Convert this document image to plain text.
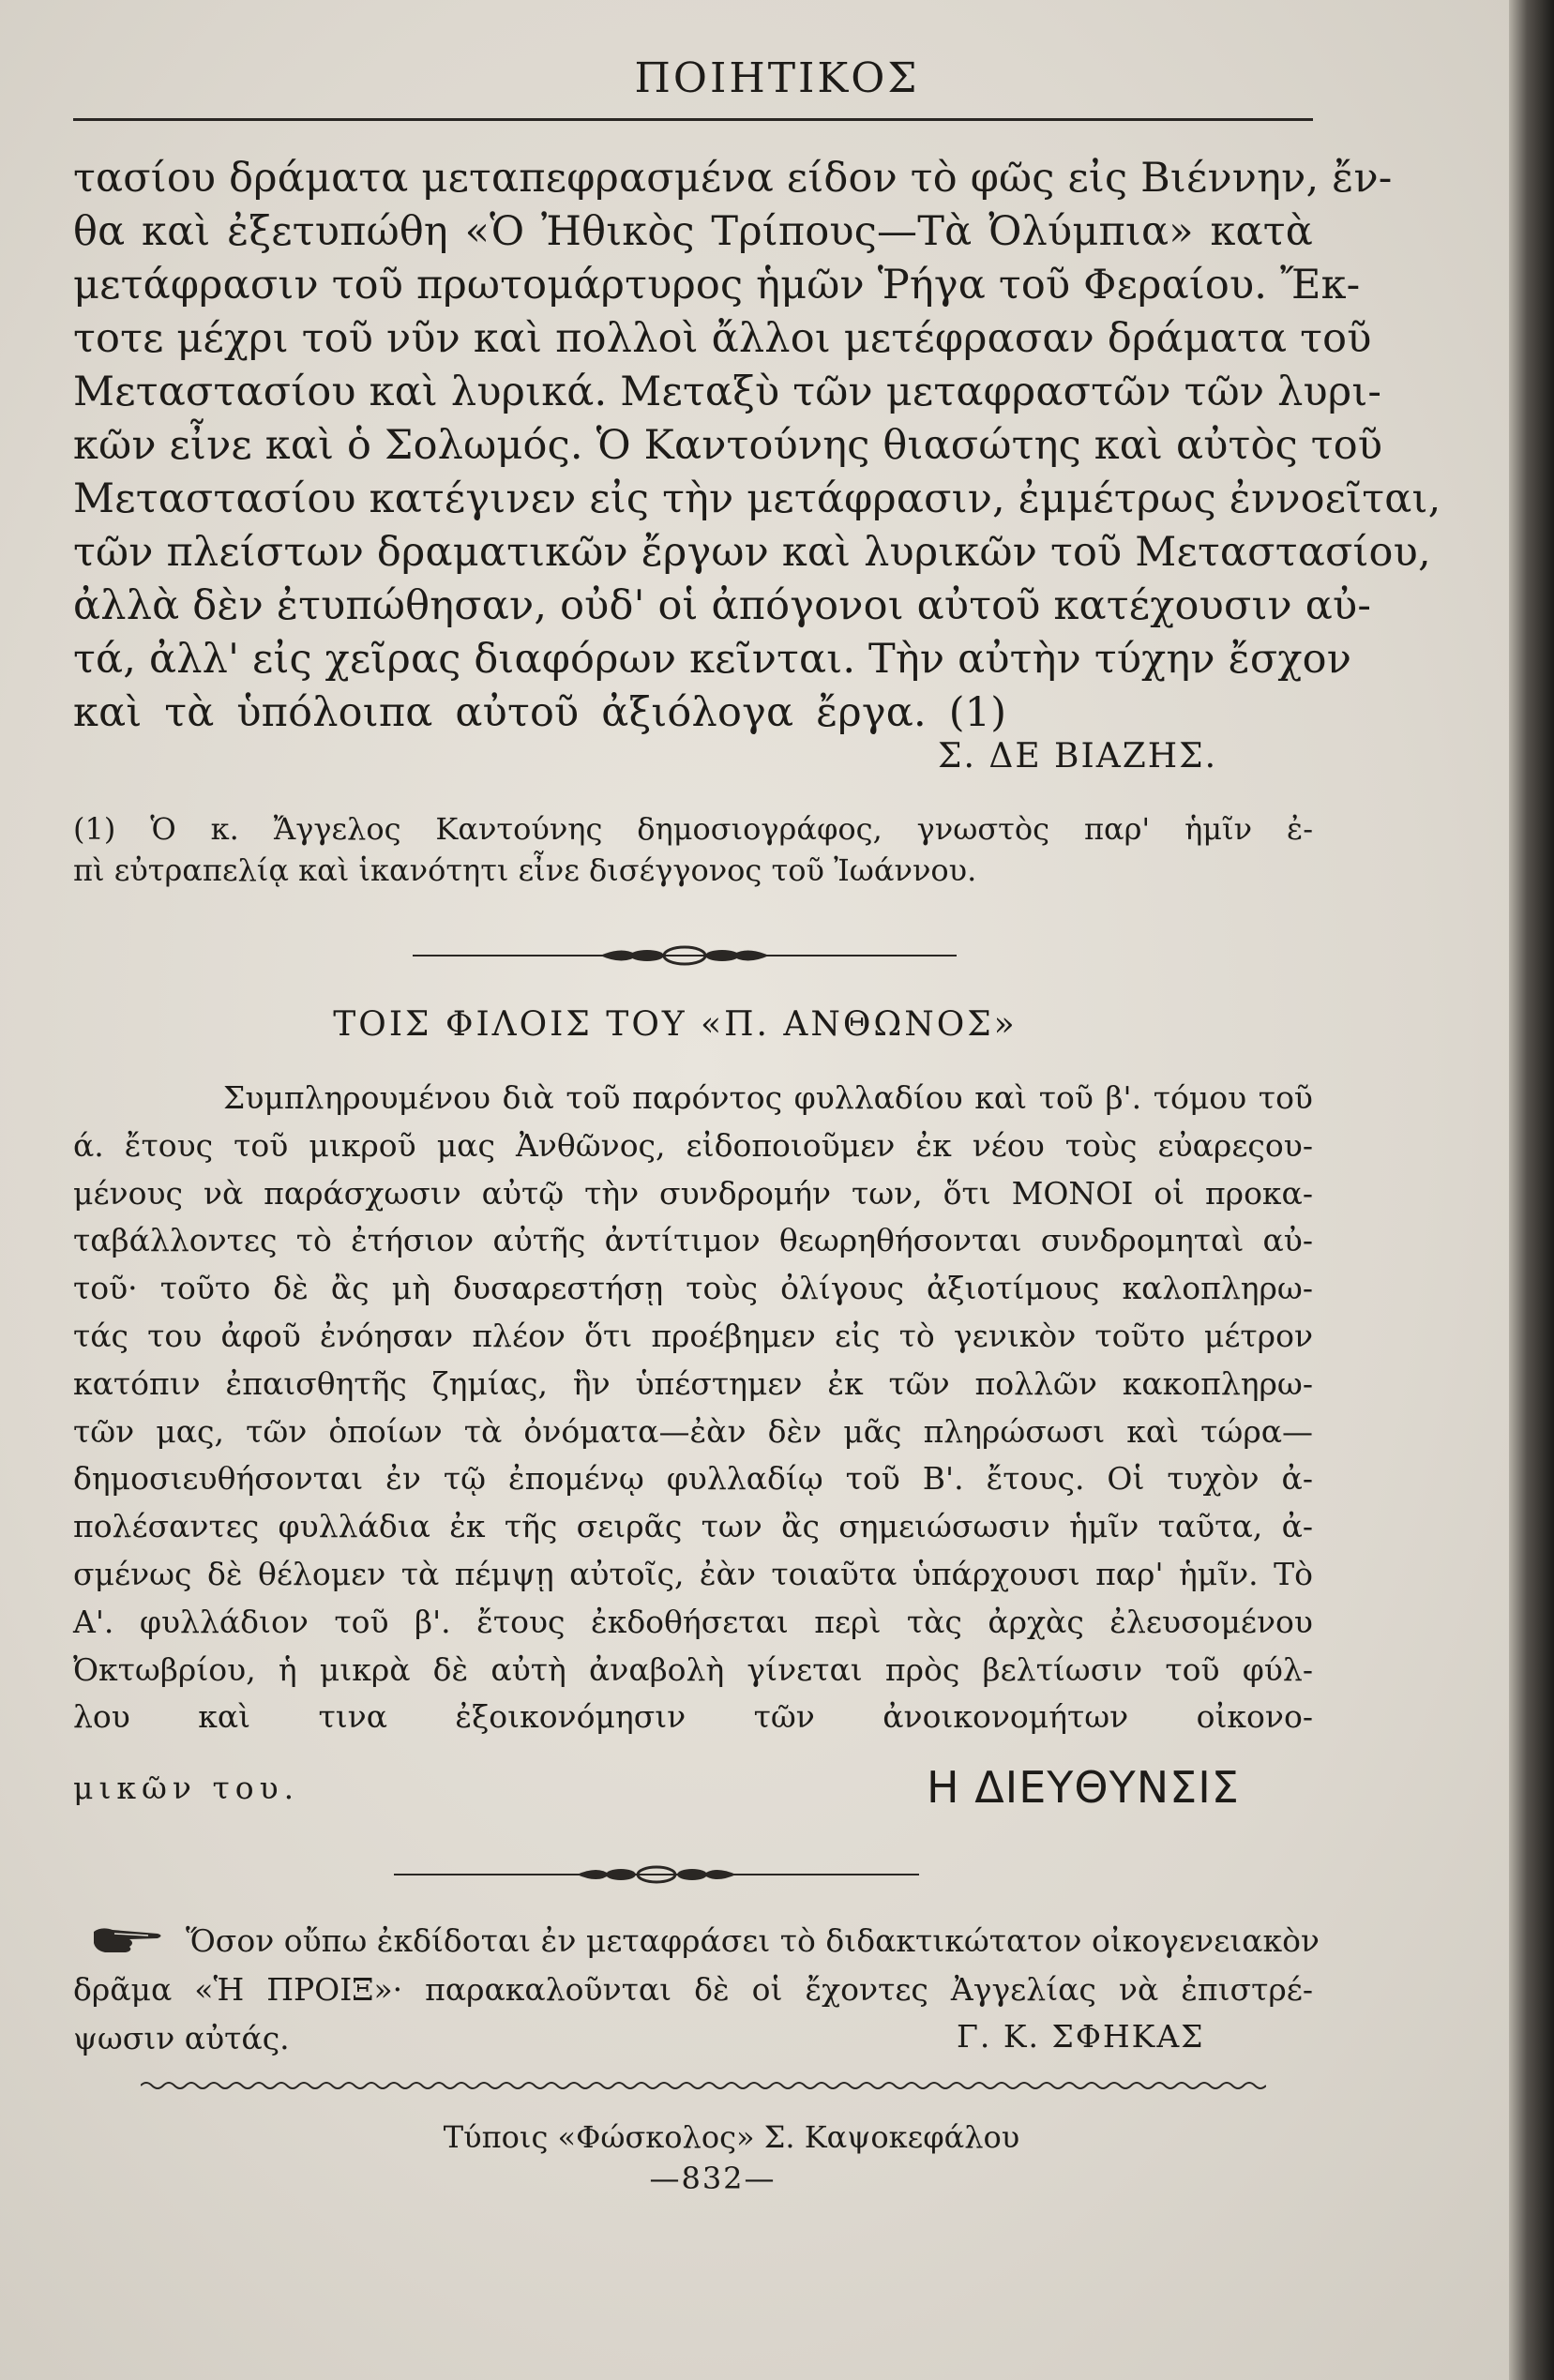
ΠΟΙΗΤΙΚΟΣ
τασίου δράματα μεταπεφρασμένα είδον τὸ φῶς εἰς Βιέννην, ἔν-
θα καὶ ἐξετυπώθη «Ὁ Ἠθικὸς Τρίπους—Τὰ Ὀλύμπια» κατὰ
μετάφρασιν τοῦ πρωτομάρτυρος ἡμῶν Ῥήγα τοῦ Φεραίου. Ἔκ-
τοτε μέχρι τοῦ νῦν καὶ πολλοὶ ἄλλοι μετέφρασαν δράματα τοῦ
Μεταστασίου καὶ λυρικά. Μεταξὺ τῶν μεταφραστῶν τῶν λυρι-
κῶν εἶνε καὶ ὁ Σολωμός. Ὁ Καντούνης θιασώτης καὶ αὐτὸς τοῦ
Μεταστασίου κατέγινεν εἰς τὴν μετάφρασιν, ἐμμέτρως ἐννοεῖται,
τῶν πλείστων δραματικῶν ἔργων καὶ λυρικῶν τοῦ Μεταστασίου,
ἀλλὰ δὲν ἐτυπώθησαν, οὐδ' οἱ ἀπόγονοι αὐτοῦ κατέχουσιν αὐ-
τά, ἀλλ' εἰς χεῖρας διαφόρων κεῖνται. Τὴν αὐτὴν τύχην ἔσχον
καὶ τὰ ὑπόλοιπα αὐτοῦ ἀξιόλογα ἔργα. (1)
Σ. ΔΕ ΒΙΑΖΗΣ.
(1) Ὁ κ. Ἄγγελος Καντούνης δημοσιογράφος, γνωστὸς παρ' ἡμῖν ἐ-
πὶ εὐτραπελίᾳ καὶ ἱκανότητι εἶνε δισέγγονος τοῦ Ἰωάννου.
ΤΟΙΣ ΦΙΛΟΙΣ ΤΟΥ «Π. ΑΝΘΩΝΟΣ»
Συμπληρουμένου διὰ τοῦ παρόντος φυλλαδίου καὶ τοῦ β'. τόμου τοῦ
ά. ἔτους τοῦ μικροῦ μας Ἀνθῶνος, εἰδοποιοῦμεν ἐκ νέου τοὺς εὐαρεςου-
μένους νὰ παράσχωσιν αὐτῷ τὴν συνδρομήν των, ὅτι ΜΟΝΟΙ οἱ προκα-
ταβάλλοντες τὸ ἐτήσιον αὐτῆς ἀντίτιμον θεωρηθήσονται συνδρομηταὶ αὐ-
τοῦ· τοῦτο δὲ ἂς μὴ δυσαρεστήσῃ τοὺς ὀλίγους ἀξιοτίμους καλοπληρω-
τάς του ἀφοῦ ἐνόησαν πλέον ὅτι προέβημεν εἰς τὸ γενικὸν τοῦτο μέτρον
κατόπιν ἐπαισθητῆς ζημίας, ἣν ὑπέστημεν ἐκ τῶν πολλῶν κακοπληρω-
τῶν μας, τῶν ὁποίων τὰ ὀνόματα—ἐὰν δὲν μᾶς πληρώσωσι καὶ τώρα—
δημοσιευθήσονται ἐν τῷ ἐπομένῳ φυλλαδίῳ τοῦ Β'. ἔτους. Οἱ τυχὸν ἀ-
πολέσαντες φυλλάδια ἐκ τῆς σειρᾶς των ἂς σημειώσωσιν ἡμῖν ταῦτα, ἀ-
σμένως δὲ θέλομεν τὰ πέμψῃ αὐτοῖς, ἐὰν τοιαῦτα ὑπάρχουσι παρ' ἡμῖν. Τὸ
Α'. φυλλάδιον τοῦ β'. ἔτους ἐκδοθήσεται περὶ τὰς ἀρχὰς ἐλευσομένου
Ὀκτωβρίου, ἡ μικρὰ δὲ αὐτὴ ἀναβολὴ γίνεται πρὸς βελτίωσιν τοῦ φύλ-
λου καὶ τινα ἐξοικονόμησιν τῶν ἀνοικονομήτων οἰκονο-
μικῶν του.	Η ΔΙΕΥΘΥΝΣΙΣ
Ὅσον οὔπω ἐκδίδοται ἐν μεταφράσει τὸ διδακτικώτατον οἰκογενειακὸν
δρᾶμα «Ἡ ΠΡΟΙΞ»· παρακαλοῦνται δὲ οἱ ἔχοντες Ἀγγελίας νὰ ἐπιστρέ-
ψωσιν αὐτάς.	Γ. Κ. ΣΦΗΚΑΣ
Τύποις «Φώσκολος» Σ. Καψοκεφάλου
—832—
